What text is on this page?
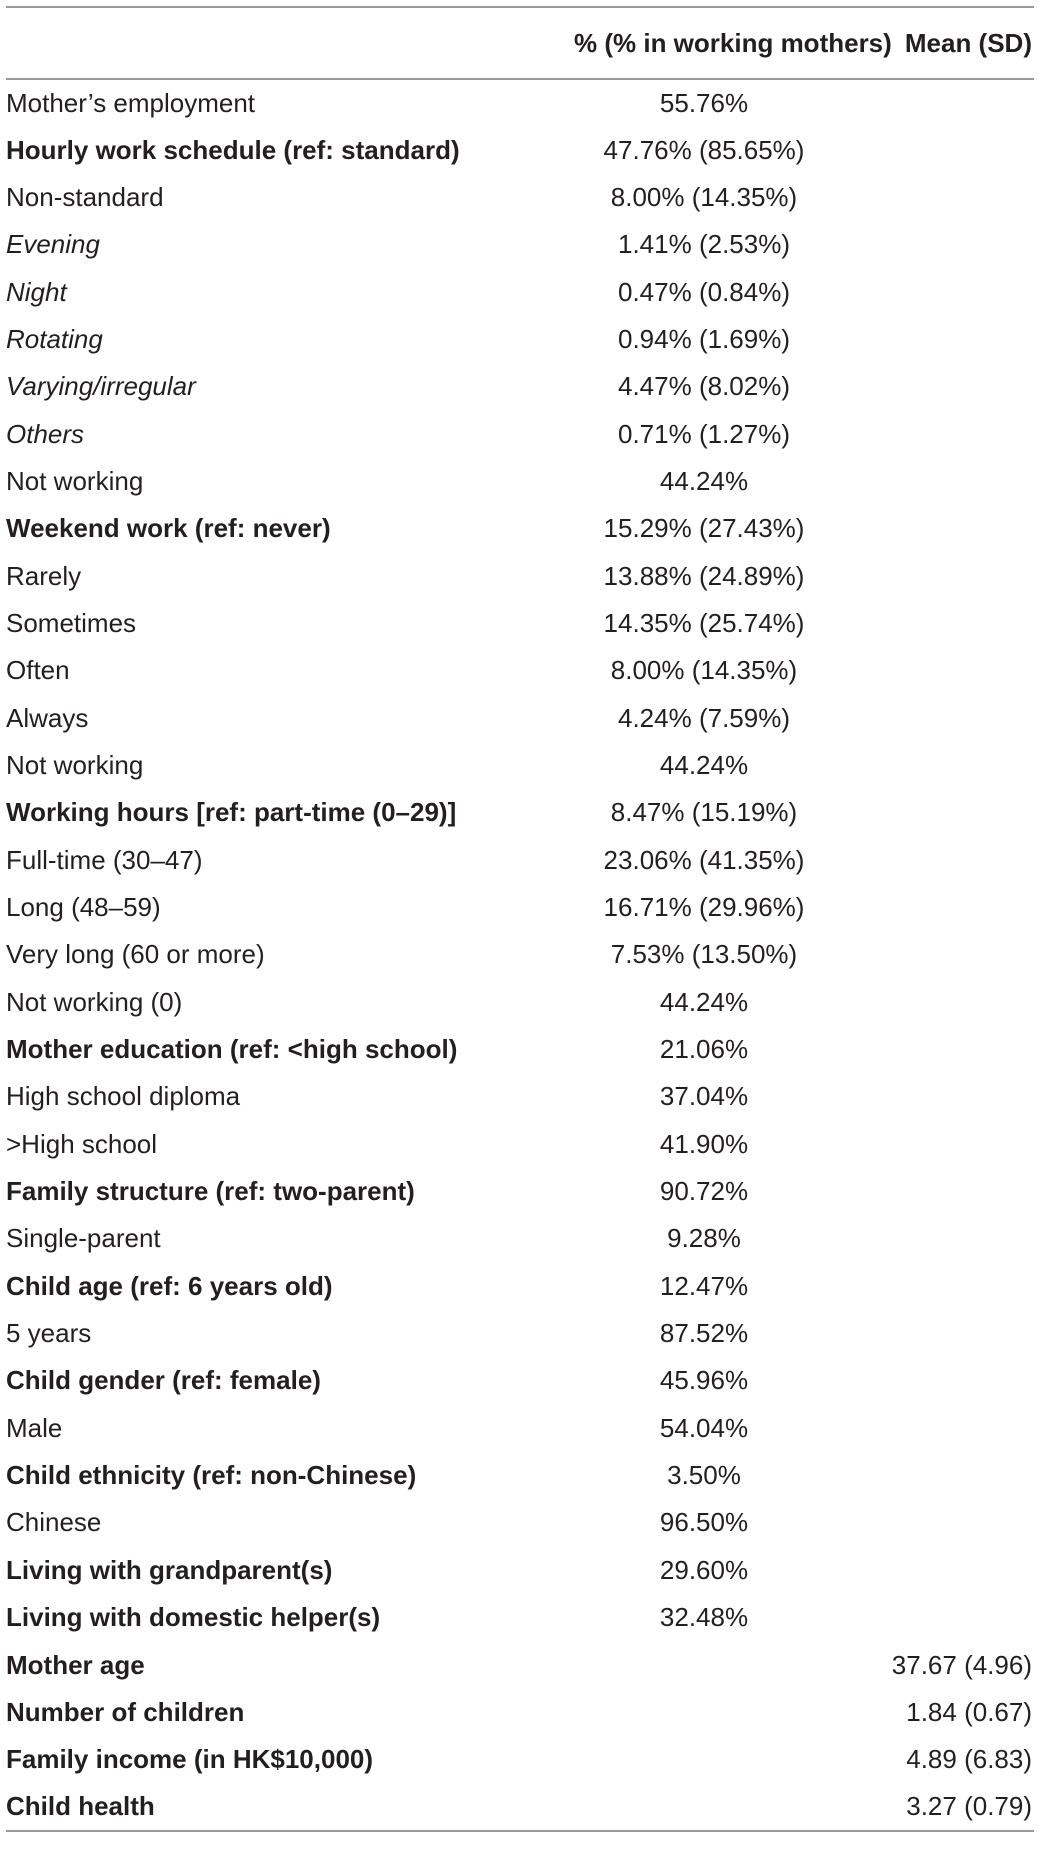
	% (% in working mothers)	Mean (SD)
Mother’s employment	55.76%	
Hourly work schedule (ref: standard)	47.76% (85.65%)	
Non-standard	8.00% (14.35%)	
Evening	1.41% (2.53%)	
Night	0.47% (0.84%)	
Rotating	0.94% (1.69%)	
Varying/irregular	4.47% (8.02%)	
Others	0.71% (1.27%)	
Not working	44.24%	
Weekend work (ref: never)	15.29% (27.43%)	
Rarely	13.88% (24.89%)	
Sometimes	14.35% (25.74%)	
Often	8.00% (14.35%)	
Always	4.24% (7.59%)	
Not working	44.24%	
Working hours [ref: part-time (0–29)]	8.47% (15.19%)	
Full-time (30–47)	23.06% (41.35%)	
Long (48–59)	16.71% (29.96%)	
Very long (60 or more)	7.53% (13.50%)	
Not working (0)	44.24%	
Mother education (ref: <high school)	21.06%	
High school diploma	37.04%	
>High school	41.90%	
Family structure (ref: two-parent)	90.72%	
Single-parent	9.28%	
Child age (ref: 6 years old)	12.47%	
5 years	87.52%	
Child gender (ref: female)	45.96%	
Male	54.04%	
Child ethnicity (ref: non-Chinese)	3.50%	
Chinese	96.50%	
Living with grandparent(s)	29.60%	
Living with domestic helper(s)	32.48%	
Mother age		37.67 (4.96)
Number of children		1.84 (0.67)
Family income (in HK$10,000)		4.89 (6.83)
Child health		3.27 (0.79)
